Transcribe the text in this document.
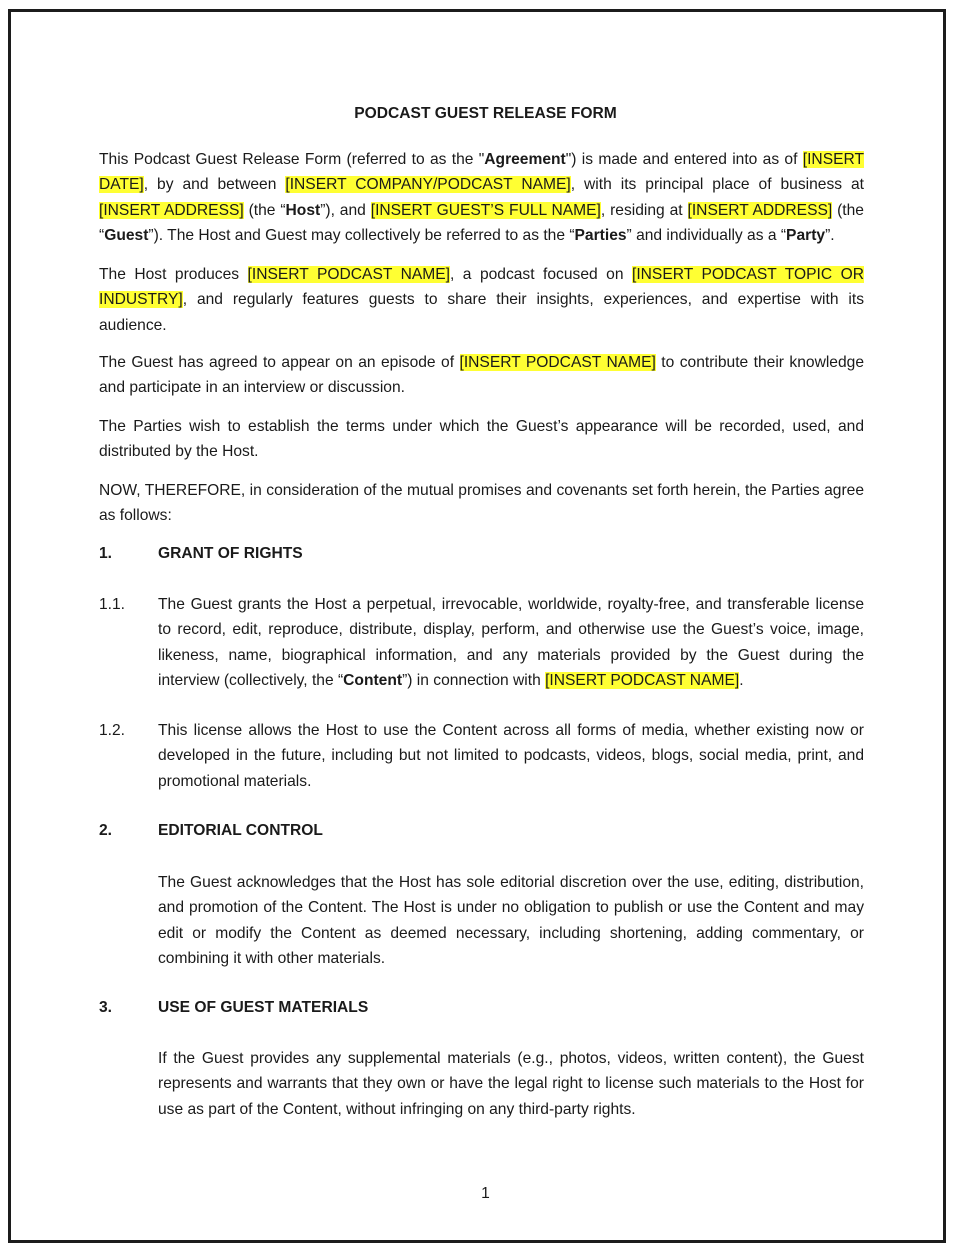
PODCAST GUEST RELEASE FORM

This Podcast Guest Release Form (referred to as the "Agreement") is made and entered into as of [INSERT DATE], by and between [INSERT COMPANY/PODCAST NAME], with its principal place of business at [INSERT ADDRESS] (the “Host”), and [INSERT GUEST’S FULL NAME], residing at [INSERT ADDRESS] (the “Guest”). The Host and Guest may collectively be referred to as the “Parties” and individually as a “Party”.

The Host produces [INSERT PODCAST NAME], a podcast focused on [INSERT PODCAST TOPIC OR INDUSTRY], and regularly features guests to share their insights, experiences, and expertise with its audience.

The Guest has agreed to appear on an episode of [INSERT PODCAST NAME] to contribute their knowledge and participate in an interview or discussion.

The Parties wish to establish the terms under which the Guest’s appearance will be recorded, used, and distributed by the Host.

NOW, THEREFORE, in consideration of the mutual promises and covenants set forth herein, the Parties agree as follows:

1.	GRANT OF RIGHTS
1.1. The Guest grants the Host a perpetual, irrevocable, worldwide, royalty-free, and transferable license to record, edit, reproduce, distribute, display, perform, and otherwise use the Guest’s voice, image, likeness, name, biographical information, and any materials provided by the Guest during the interview (collectively, the “Content”) in connection with [INSERT PODCAST NAME].

1.2. This license allows the Host to use the Content across all forms of media, whether existing now or developed in the future, including but not limited to podcasts, videos, blogs, social media, print, and promotional materials.

2.	EDITORIAL CONTROL

The Guest acknowledges that the Host has sole editorial discretion over the use, editing, distribution, and promotion of the Content. The Host is under no obligation to publish or use the Content and may edit or modify the Content as deemed necessary, including shortening, adding commentary, or combining it with other materials.

3.	USE OF GUEST MATERIALS

If the Guest provides any supplemental materials (e.g., photos, videos, written content), the Guest represents and warrants that they own or have the legal right to license such materials to the Host for use as part of the Content, without infringing on any third-party rights.

1
